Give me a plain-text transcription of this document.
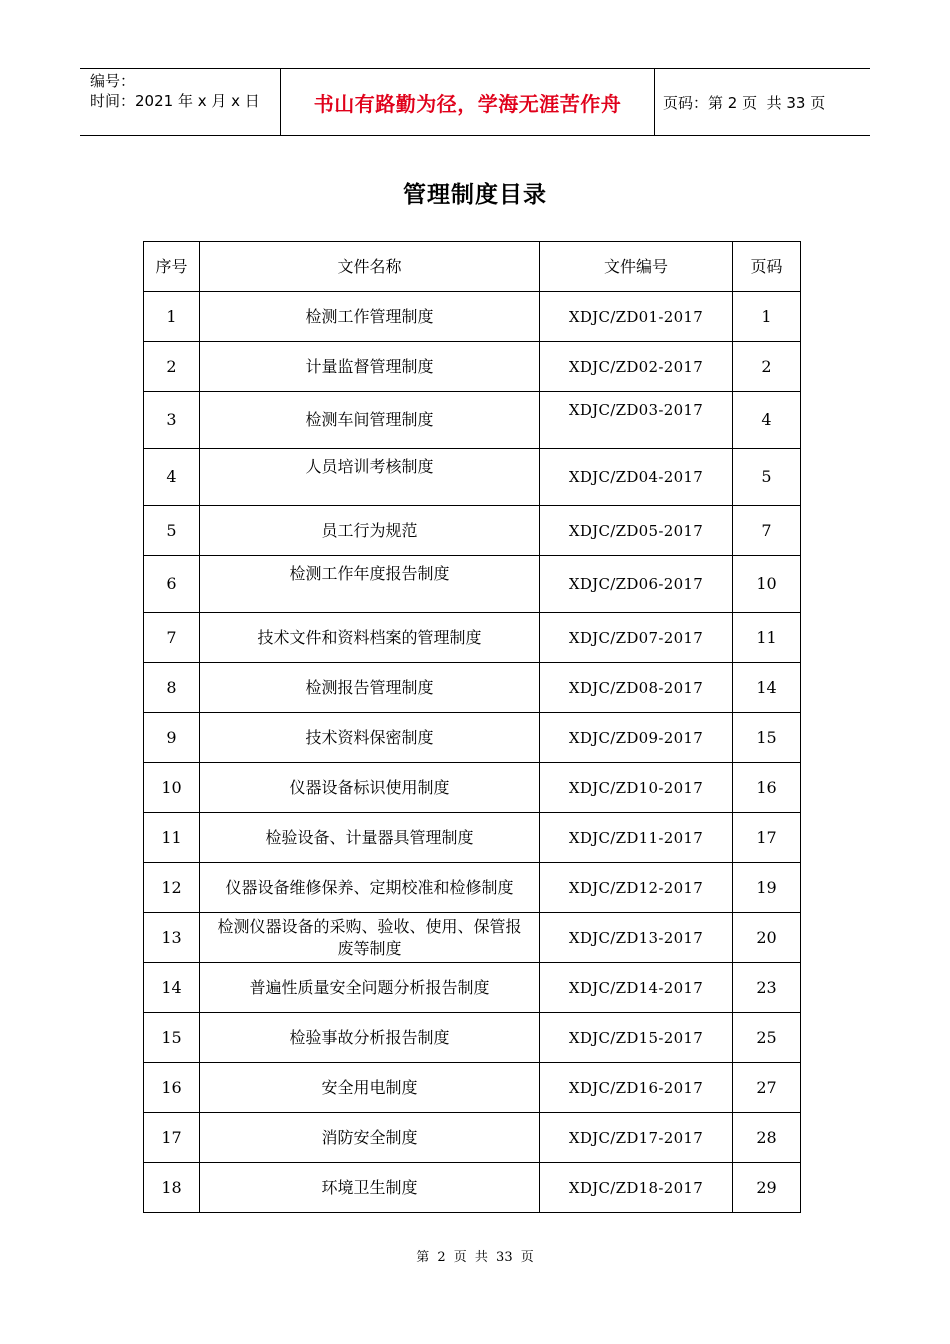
编号：
时间：2021 年 x 月 x 日	书山有路勤为径，学海无涯苦作舟	页码：第 2 页  共 33 页
管理制度目录
序号	文件名称	文件编号	页码
1	检测工作管理制度	XDJC/ZD01-2017	1
2	计量监督管理制度	XDJC/ZD02-2017	2
3	检测车间管理制度	XDJC/ZD03-2017	4
4	人员培训考核制度	XDJC/ZD04-2017	5
5	员工行为规范	XDJC/ZD05-2017	7
6	检测工作年度报告制度	XDJC/ZD06-2017	10
7	技术文件和资料档案的管理制度	XDJC/ZD07-2017	11
8	检测报告管理制度	XDJC/ZD08-2017	14
9	技术资料保密制度	XDJC/ZD09-2017	15
10	仪器设备标识使用制度	XDJC/ZD10-2017	16
11	检验设备、计量器具管理制度	XDJC/ZD11-2017	17
12	仪器设备维修保养、定期校准和检修制度	XDJC/ZD12-2017	19
13	检测仪器设备的采购、验收、使用、保管报废等制度	XDJC/ZD13-2017	20
14	普遍性质量安全问题分析报告制度	XDJC/ZD14-2017	23
15	检验事故分析报告制度	XDJC/ZD15-2017	25
16	安全用电制度	XDJC/ZD16-2017	27
17	消防安全制度	XDJC/ZD17-2017	28
18	环境卫生制度	XDJC/ZD18-2017	29
第 2 页 共 33 页
